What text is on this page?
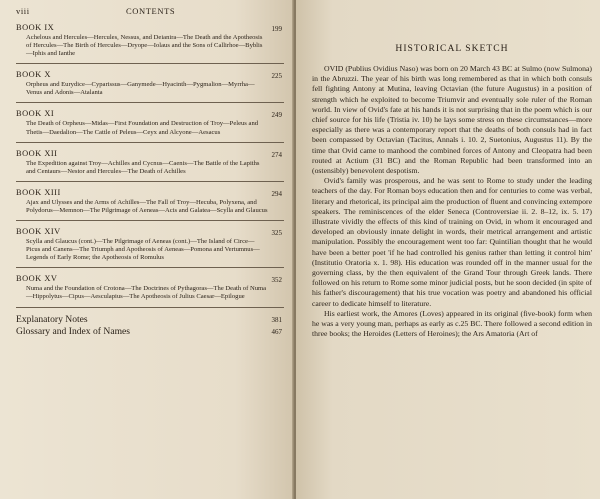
viii	CONTENTS
BOOK IX	199
Achelous and Hercules—Hercules, Nessus, and Deianira—The Death and the Apotheosis of Hercules—The Birth of Hercules—Dryope—Iolaus and the Sons of Callirhoe—Byblis—Iphis and Ianthe
BOOK X	225
Orpheus and Eurydice—Cyparissus—Ganymede—Hyacinth—Pygmalion—Myrrha—Venus and Adonis—Atalanta
BOOK XI	249
The Death of Orpheus—Midas—First Foundation and Destruction of Troy—Peleus and Thetis—Daedalion—The Cattle of Peleus—Ceyx and Alcyone—Aesacus
BOOK XII	274
The Expedition against Troy—Achilles and Cycnus—Caenis—The Battle of the Lapiths and Centaurs—Nestor and Hercules—The Death of Achilles
BOOK XIII	294
Ajax and Ulysses and the Arms of Achilles—The Fall of Troy—Hecuba, Polyxena, and Polydorus—Memnon—The Pilgrimage of Aeneas—Acis and Galatea—Scylla and Glaucus
BOOK XIV	325
Scylla and Glaucus (cont.)—The Pilgrimage of Aeneas (cont.)—The Island of Circe—Picus and Canens—The Triumph and Apotheosis of Aeneas—Pomona and Vertumnus—Legends of Early Rome; the Apotheosis of Romulus
BOOK XV	352
Numa and the Foundation of Crotona—The Doctrines of Pythagoras—The Death of Numa—Hippolytus—Cipus—Aesculapius—The Apotheosis of Julius Caesar—Epilogue
Explanatory Notes	381
Glossary and Index of Names	467
HISTORICAL SKETCH

OVID (Publius Ovidius Naso) was born on 20 March 43 BC at Sulmo (now Sulmona) in the Abruzzi. The year of his birth was long remembered as that in which both consuls fell fighting Antony at Mutina, leaving Octavian (the future Augustus) in a position of strength which he exploited to become Triumvir and eventually sole ruler of the Roman world. In view of Ovid's fate at his hands it is not surprising that in the poem which is our chief source for his life (Tristia iv. 10) he lays some stress on these circumstances—more especially as there was a contemporary report that the deaths of both consuls had in fact been compassed by Octavian (Tacitus, Annals i. 10. 2, Suetonius, Augustus 11). By the time that Ovid came to manhood the combined forces of Antony and Cleopatra had been routed at Actium (31 BC) and the Roman Republic had been transformed into an (ostensibly) benevolent despotism.

Ovid's family was prosperous, and he was sent to Rome to study under the leading teachers of the day. For Roman boys education then and for centuries to come was verbal, literary and rhetorical, its principal aim the production of fluent and convincing extempore speakers. The reminiscences of the elder Seneca (Controversiae ii. 2. 8–12, ix. 5. 17) illustrate vividly the effects of this kind of training on Ovid, in whom it encouraged and developed an obviously innate delight in words, their metrical arrangement and artistic manipulation. Possibly the encouragement went too far: Quintilian thought that he would have been a better poet 'if he had controlled his genius rather than letting it control him' (Institutio Oratoria x. 1. 98). His education was rounded off in the manner usual for the governing class, by the then equivalent of the Grand Tour through Greek lands. There followed on his return to Rome some minor judicial posts, but he soon decided (in spite of his father's discouragement) that his true vocation was poetry and abandoned his official career to dedicate himself to literature.

His earliest work, the Amores (Loves) appeared in its original (five-book) form when he was a very young man, perhaps as early as c.25 BC. There followed a second edition in three books; the Heroides (Letters of Heroines); the Ars Amatoria (Art of
